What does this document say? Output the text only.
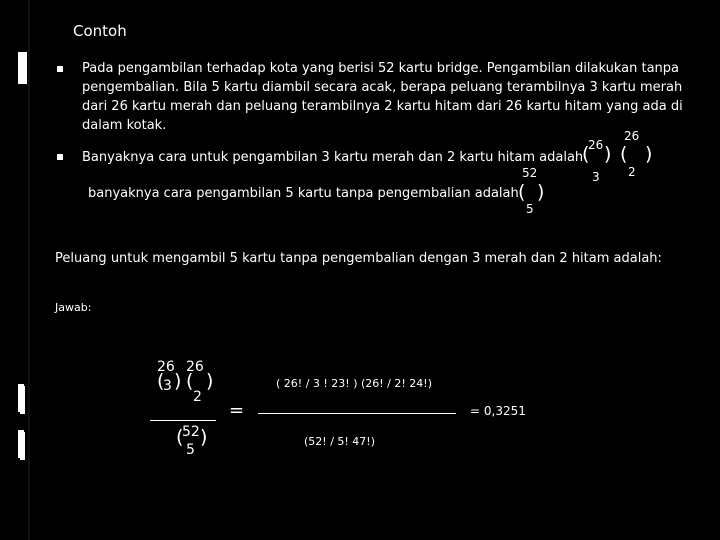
Contoh
Pada pengambilan terhadap kota yang berisi 52 kartu bridge. Pengambilan dilakukan tanpa pengembalian. Bila 5 kartu diambil secara acak, berapa peluang terambilnya 3 kartu merah dari 26 kartu merah dan peluang terambilnya 2 kartu hitam dari 26 kartu hitam yang ada di dalam kotak.
Banyaknya cara untuk pengambilan 3 kartu merah dan 2 kartu hitam adalah
26
( )
3
26
( )
2
banyaknya cara pengambilan 5 kartu tanpa pengembalian adalah
52
( )
5
Peluang untuk mengambil 5 kartu tanpa pengembalian dengan 3 merah dan 2 hitam adalah:
Jawab:
26 26
(
3 ) (
2
)
52
( )
5
=
( 26! / 3 ! 23! ) (26! / 2! 24!)
(52! / 5! 47!)
= 0,3251
